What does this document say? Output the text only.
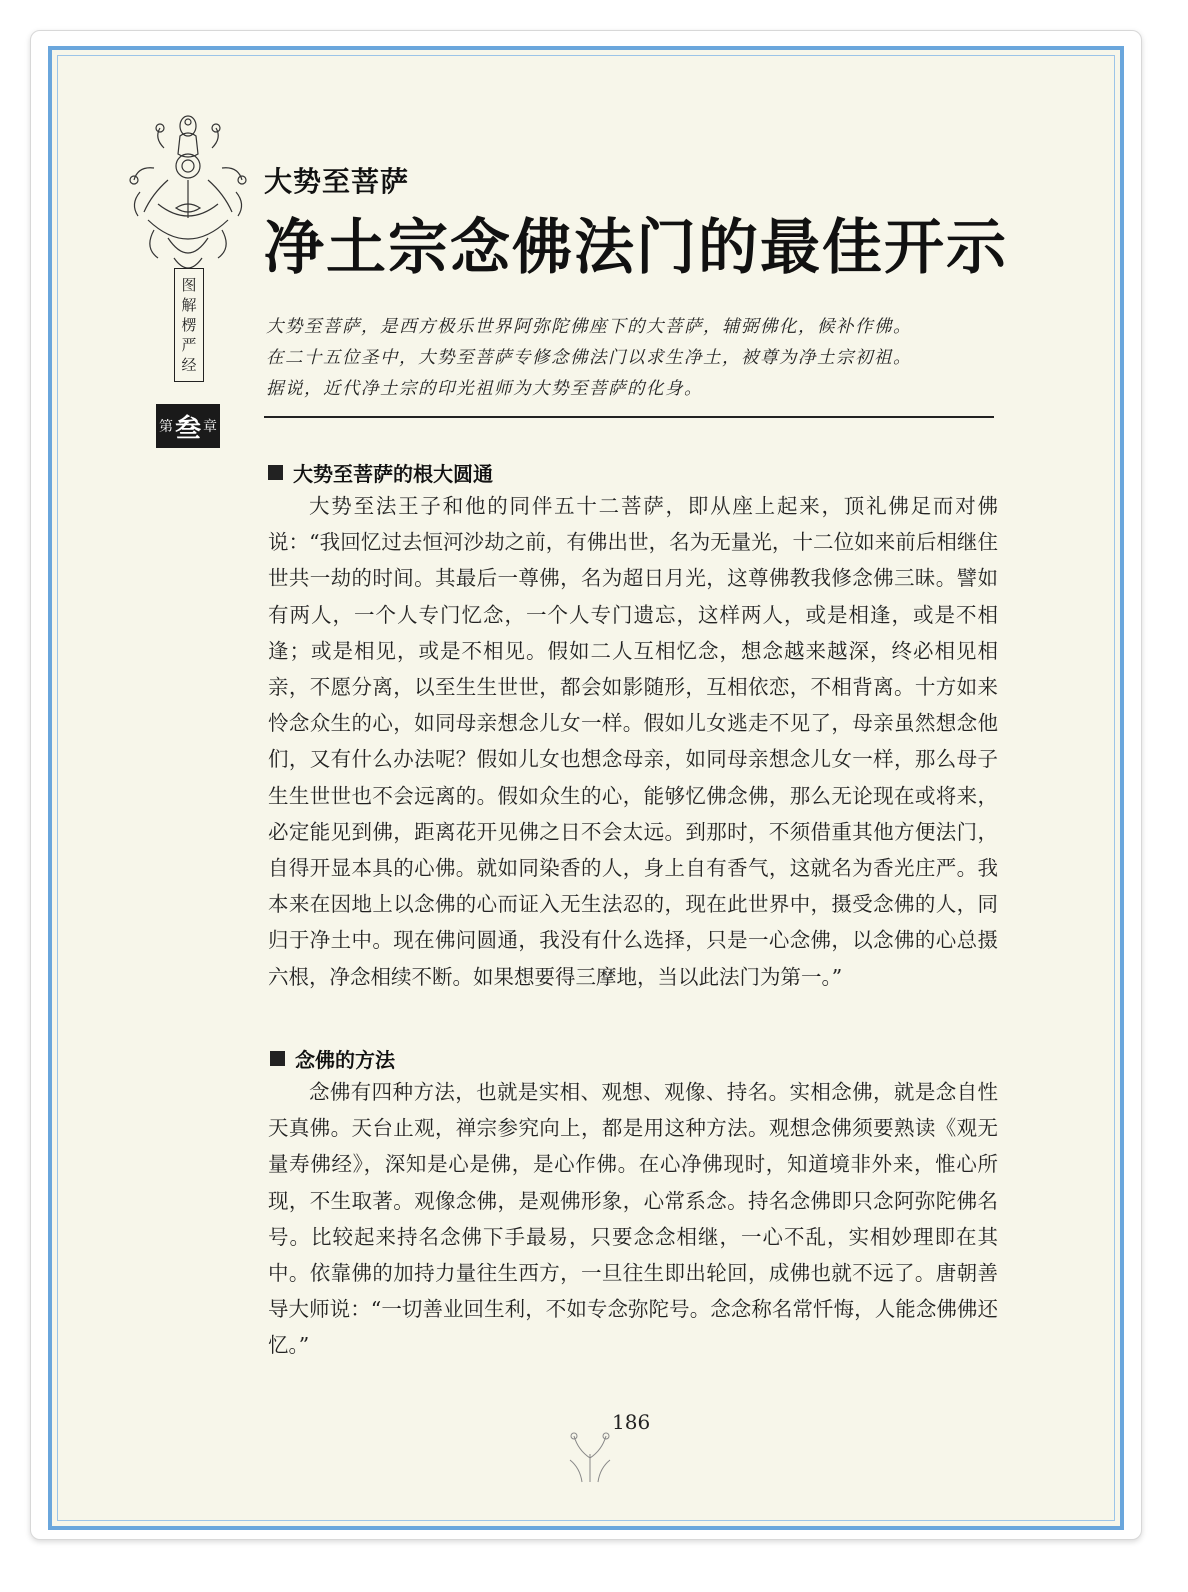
图
解
楞
严
经
第 叁 章
大势至菩萨
净土宗念佛法门的最佳开示

大势至菩萨，是西方极乐世界阿弥陀佛座下的大菩萨，辅弼佛化，候补作佛。

在二十五位圣中，大势至菩萨专修念佛法门以求生净土，被尊为净土宗初祖。

据说，近代净土宗的印光祖师为大势至菩萨的化身。

大势至菩萨的根大圆通

大势至法王子和他的同伴五十二菩萨，即从座上起来，顶礼佛足而对佛说：“我回忆过去恒河沙劫之前，有佛出世，名为无量光，十二位如来前后相继住世共一劫的时间。其最后一尊佛，名为超日月光，这尊佛教我修念佛三昧。譬如有两人，一个人专门忆念，一个人专门遗忘，这样两人，或是相逢，或是不相逢；或是相见，或是不相见。假如二人互相忆念，想念越来越深，终必相见相亲，不愿分离，以至生生世世，都会如影随形，互相依恋，不相背离。十方如来怜念众生的心，如同母亲想念儿女一样。假如儿女逃走不见了，母亲虽然想念他们，又有什么办法呢？假如儿女也想念母亲，如同母亲想念儿女一样，那么母子生生世世也不会远离的。假如众生的心，能够忆佛念佛，那么无论现在或将来，必定能见到佛，距离花开见佛之日不会太远。到那时，不须借重其他方便法门，自得开显本具的心佛。就如同染香的人，身上自有香气，这就名为香光庄严。我本来在因地上以念佛的心而证入无生法忍的，现在此世界中，摄受念佛的人，同归于净土中。现在佛问圆通，我没有什么选择，只是一心念佛，以念佛的心总摄六根，净念相续不断。如果想要得三摩地，当以此法门为第一。”

念佛的方法

念佛有四种方法，也就是实相、观想、观像、持名。实相念佛，就是念自性天真佛。天台止观，禅宗参究向上，都是用这种方法。观想念佛须要熟读《观无量寿佛经》，深知是心是佛，是心作佛。在心净佛现时，知道境非外来，惟心所现，不生取著。观像念佛，是观佛形象，心常系念。持名念佛即只念阿弥陀佛名号。比较起来持名念佛下手最易，只要念念相继，一心不乱，实相妙理即在其中。依靠佛的加持力量往生西方，一旦往生即出轮回，成佛也就不远了。唐朝善导大师说：“一切善业回生利，不如专念弥陀号。念念称名常忏悔，人能念佛佛还忆。”

186
